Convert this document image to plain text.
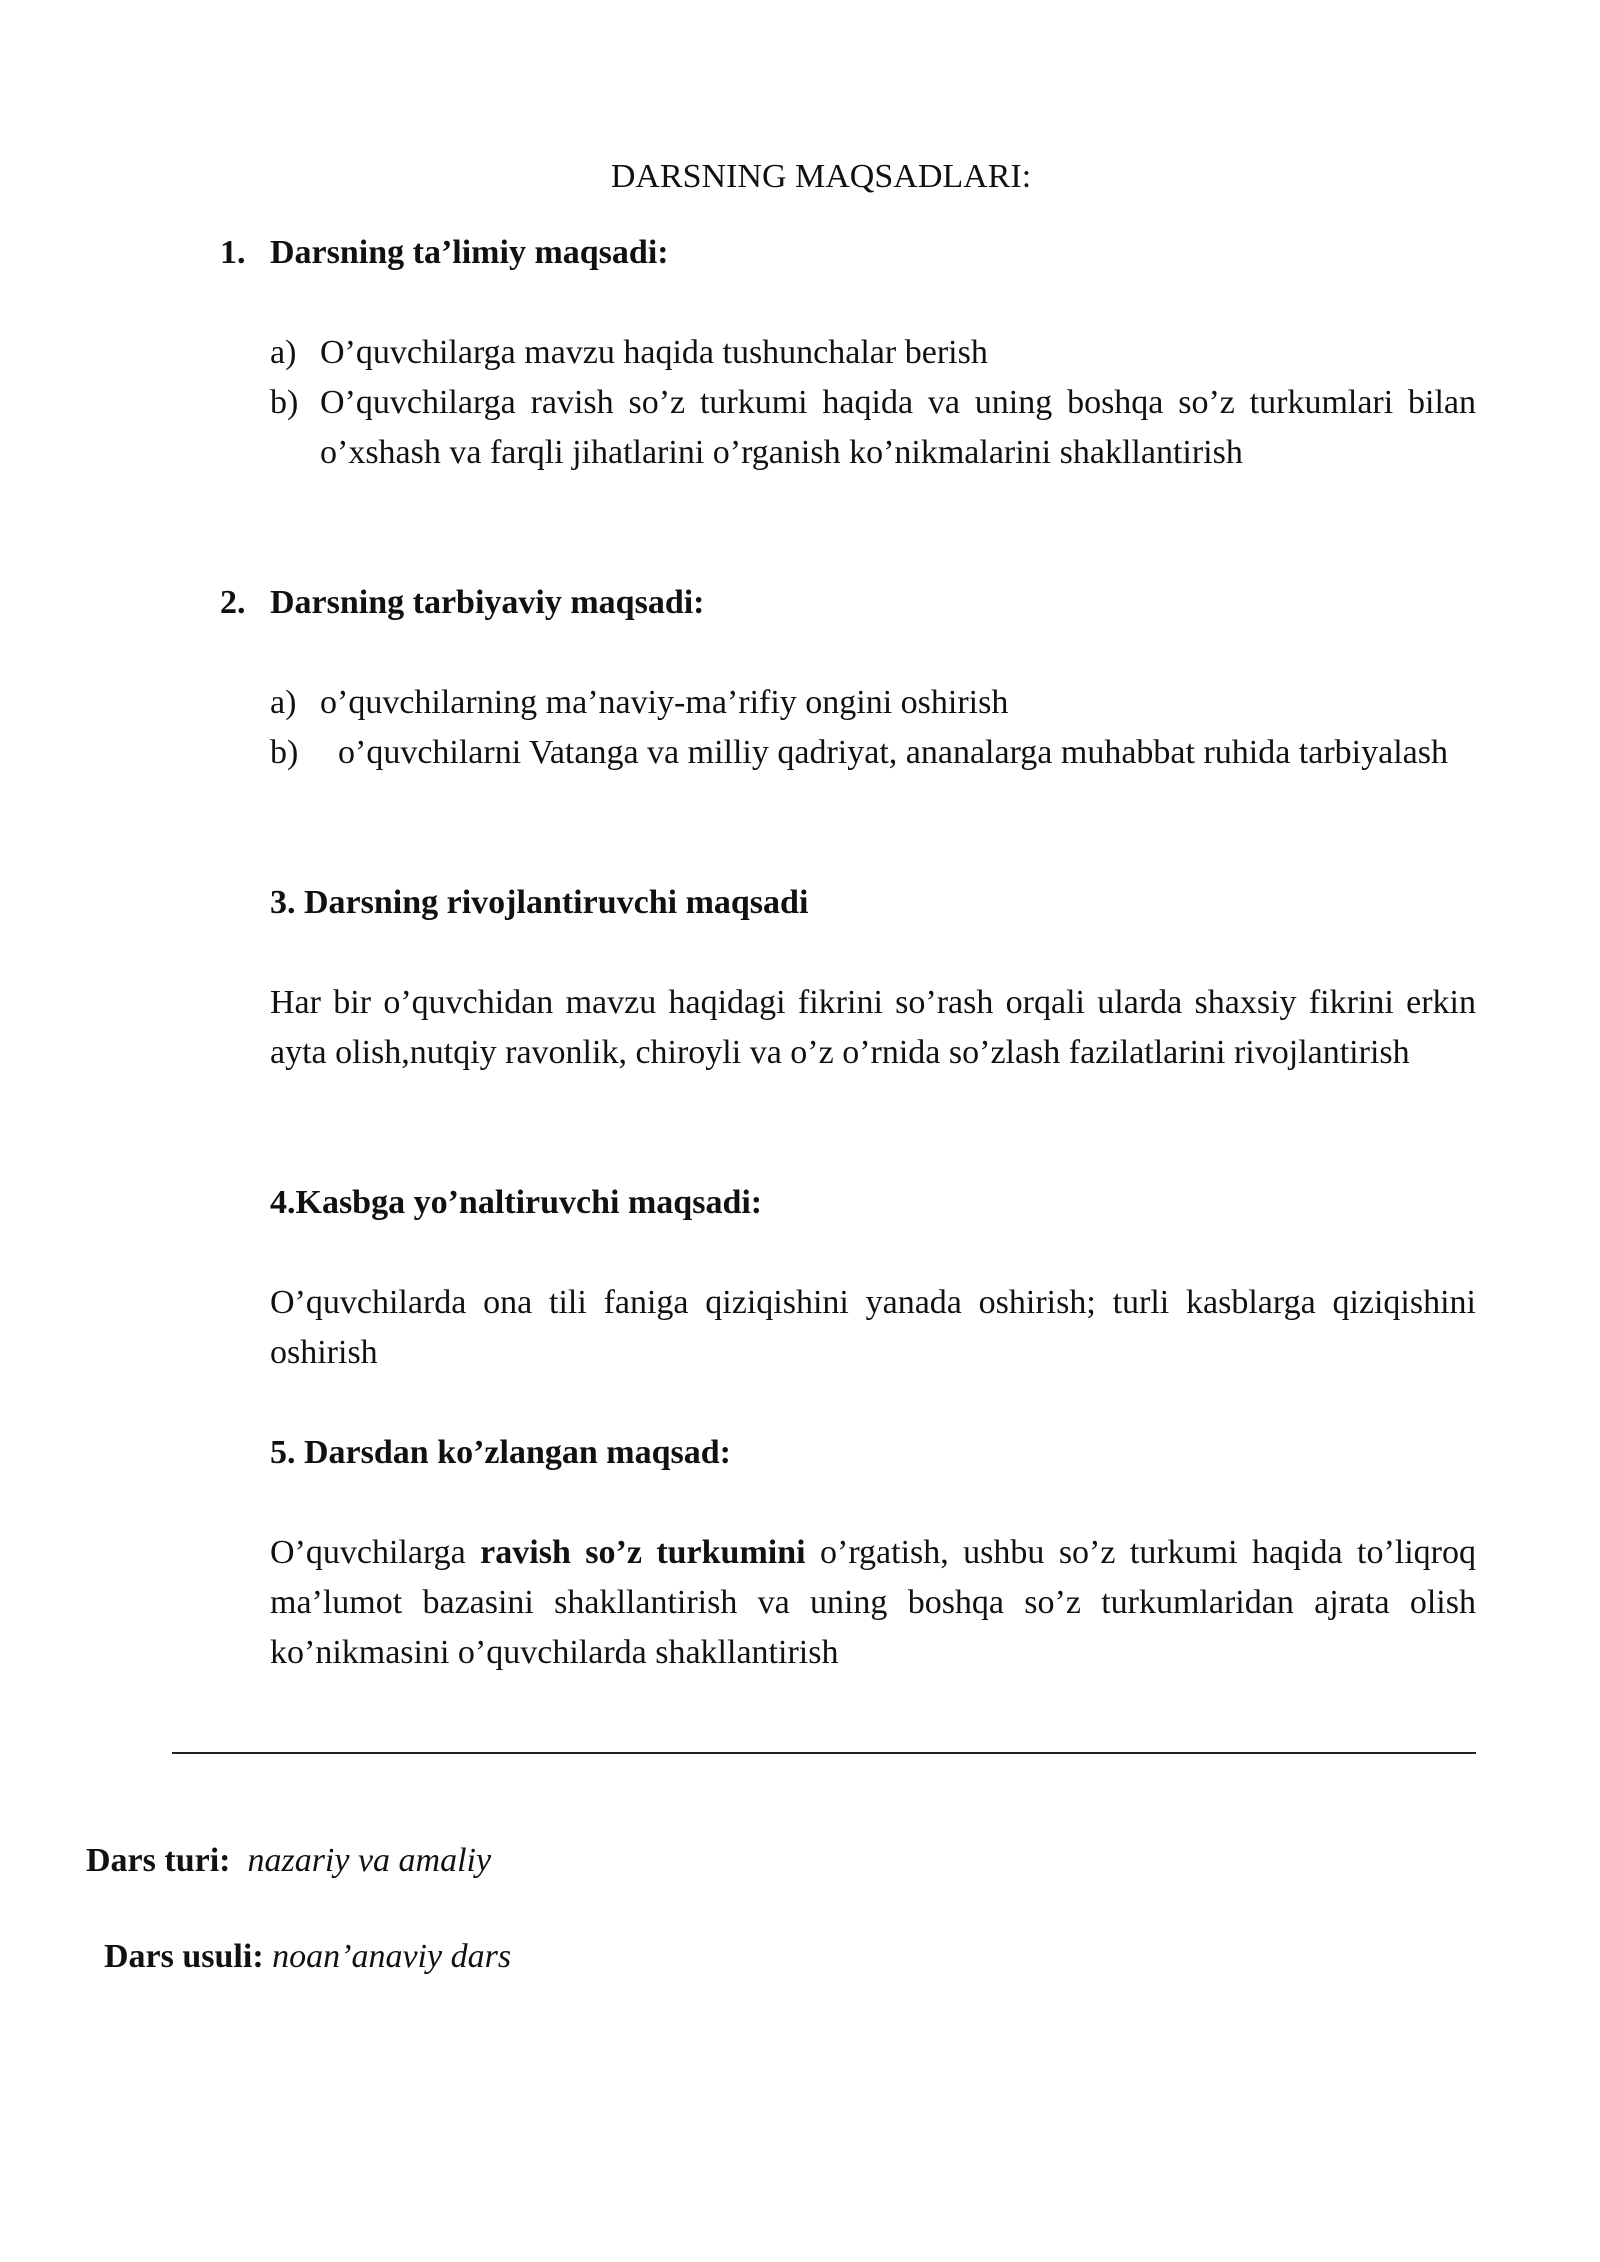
DARSNING MAQSADLARI:
1. Darsning ta’limiy maqsadi:
a) O’quvchilarga mavzu haqida tushunchalar berish
b) O’quvchilarga ravish so’z turkumi haqida va uning boshqa so’z turkumlari bilan o’xshash va farqli jihatlarini o’rganish ko’nikmalarini shakllantirish
2. Darsning tarbiyaviy maqsadi:
a) o’quvchilarning ma’naviy-ma’rifiy ongini oshirish
b) o’quvchilarni Vatanga va milliy qadriyat, ananalarga muhabbat ruhida tarbiyalash
3. Darsning rivojlantiruvchi maqsadi

Har bir o’quvchidan mavzu haqidagi fikrini so’rash orqali ularda shaxsiy fikrini erkin ayta olish,nutqiy ravonlik, chiroyli va o’z o’rnida so’zlash fazilatlarini rivojlantirish

4.Kasbga yo’naltiruvchi maqsadi:

O’quvchilarda ona tili faniga qiziqishini yanada oshirish; turli kasblarga qiziqishini oshirish

5. Darsdan ko’zlangan maqsad:

O’quvchilarga ravish so’z turkumini o’rgatish, ushbu so’z turkumi haqida to’liqroq ma’lumot bazasini shakllantirish va uning boshqa so’z turkumlaridan ajrata olish ko’nikmasini o’quvchilarda shakllantirish

Dars turi: nazariy va amaliy
Dars usuli: noan’anaviy dars
